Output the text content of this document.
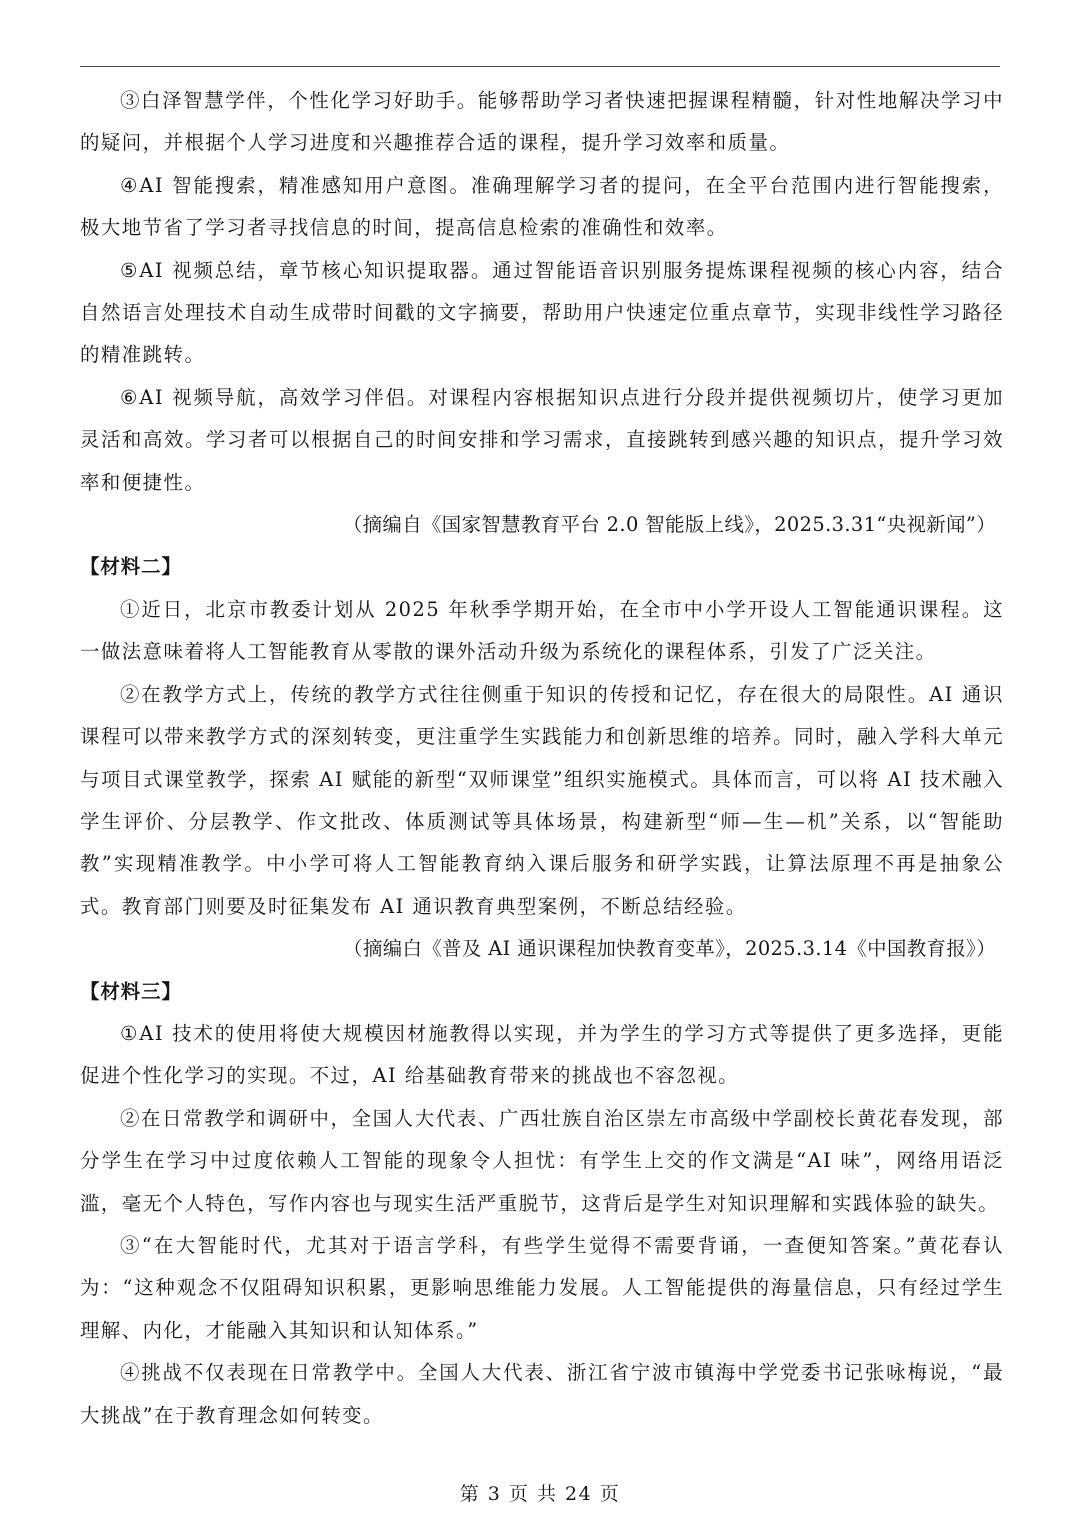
③白泽智慧学伴，个性化学习好助手。能够帮助学习者快速把握课程精髓，针对性地解决学习中的疑问，并根据个人学习进度和兴趣推荐合适的课程，提升学习效率和质量。

④AI 智能搜索，精准感知用户意图。准确理解学习者的提问，在全平台范围内进行智能搜索，极大地节省了学习者寻找信息的时间，提高信息检索的准确性和效率。

⑤AI 视频总结，章节核心知识提取器。通过智能语音识别服务提炼课程视频的核心内容，结合自然语言处理技术自动生成带时间戳的文字摘要，帮助用户快速定位重点章节，实现非线性学习路径的精准跳转。

⑥AI 视频导航，高效学习伴侣。对课程内容根据知识点进行分段并提供视频切片，使学习更加灵活和高效。学习者可以根据自己的时间安排和学习需求，直接跳转到感兴趣的知识点，提升学习效率和便捷性。

（摘编自《国家智慧教育平台 2.0 智能版上线》，2025.3.31“央视新闻”）

【材料二】

①近日，北京市教委计划从 2025 年秋季学期开始，在全市中小学开设人工智能通识课程。这一做法意味着将人工智能教育从零散的课外活动升级为系统化的课程体系，引发了广泛关注。

②在教学方式上，传统的教学方式往往侧重于知识的传授和记忆，存在很大的局限性。AI 通识课程可以带来教学方式的深刻转变，更注重学生实践能力和创新思维的培养。同时，融入学科大单元与项目式课堂教学，探索 AI 赋能的新型“双师课堂”组织实施模式。具体而言，可以将 AI 技术融入学生评价、分层教学、作文批改、体质测试等具体场景，构建新型“师—生—机”关系，以“智能助教”实现精准教学。中小学可将人工智能教育纳入课后服务和研学实践，让算法原理不再是抽象公式。教育部门则要及时征集发布 AI 通识教育典型案例，不断总结经验。

（摘编白《普及 AI 通识课程加快教育变革》，2025.3.14《中国教育报》）

【材料三】

①AI 技术的使用将使大规模因材施教得以实现，并为学生的学习方式等提供了更多选择，更能促进个性化学习的实现。不过，AI 给基础教育带来的挑战也不容忽视。

②在日常教学和调研中，全国人大代表、广西壮族自治区崇左市高级中学副校长黄花春发现，部分学生在学习中过度依赖人工智能的现象令人担忧：有学生上交的作文满是“AI 味”，网络用语泛滥，毫无个人特色，写作内容也与现实生活严重脱节，这背后是学生对知识理解和实践体验的缺失。

③“在大智能时代，尤其对于语言学科，有些学生觉得不需要背诵，一查便知答案。”黄花春认为：“这种观念不仅阻碍知识积累，更影响思维能力发展。人工智能提供的海量信息，只有经过学生理解、内化，才能融入其知识和认知体系。”

④挑战不仅表现在日常教学中。全国人大代表、浙江省宁波市镇海中学党委书记张咏梅说，“最大挑战”在于教育理念如何转变。

第 3 页 共 24 页
